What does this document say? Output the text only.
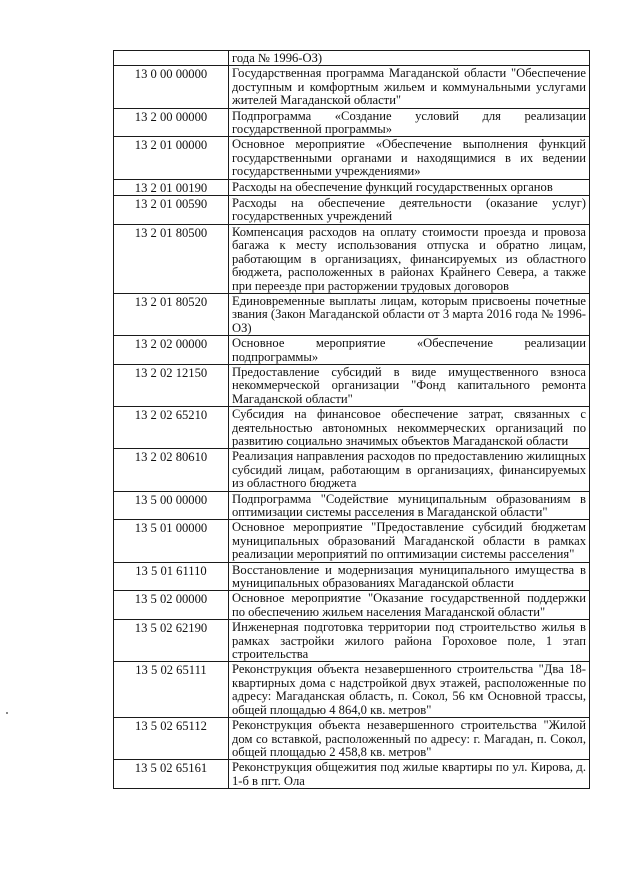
	года № 1996-ОЗ)

13 0 00 00000	Государственная программа Магаданской области "Обеспечение доступным и комфортным жильем и коммунальными услугами жителей Магаданской области"

13 2 00 00000	Подпрограмма «Создание условий для реализации государственной программы»

13 2 01 00000	Основное мероприятие «Обеспечение выполнения функций государственными органами и находящимися в их ведении государственными учреждениями»

13 2 01 00190	Расходы на обеспечение функций государственных органов

13 2 01 00590	Расходы на обеспечение деятельности (оказание услуг) государственных учреждений

13 2 01 80500	Компенсация расходов на оплату стоимости проезда и провоза багажа к месту использования отпуска и обратно лицам, работающим в организациях, финансируемых из областного бюджета, расположенных в районах Крайнего Севера, а также при переезде при расторжении трудовых договоров

13 2 01 80520	Единовременные выплаты лицам, которым присвоены почетные звания (Закон Магаданской области от 3 марта 2016 года № 1996-ОЗ)

13 2 02 00000	Основное мероприятие «Обеспечение реализации подпрограммы»

13 2 02 12150	Предоставление субсидий в виде имущественного взноса некоммерческой организации "Фонд капитального ремонта Магаданской области"

13 2 02 65210	Субсидия на финансовое обеспечение затрат, связанных с деятельностью автономных некоммерческих организаций по развитию социально значимых объектов Магаданской области

13 2 02 80610	Реализация направления расходов по предоставлению жилищных субсидий лицам, работающим в организациях, финансируемых из областного бюджета

13 5 00 00000	Подпрограмма "Содействие муниципальным образованиям в оптимизации системы расселения в Магаданской области"

13 5 01 00000	Основное мероприятие "Предоставление субсидий бюджетам муниципальных образований Магаданской области в рамках реализации мероприятий по оптимизации системы расселения"

13 5 01 61110	Восстановление и модернизация муниципального имущества в муниципальных образованиях Магаданской области

13 5 02 00000	Основное мероприятие "Оказание государственной поддержки по обеспечению жильем населения Магаданской области"

13 5 02 62190	Инженерная подготовка территории под строительство жилья в рамках застройки жилого района Гороховое поле, 1 этап строительства

13 5 02 65111	Реконструкция объекта незавершенного строительства "Два 18-квартирных дома с надстройкой двух этажей, расположенные по адресу: Магаданская область, п. Сокол, 56 км Основной трассы, общей площадью 4 864,0 кв. метров"

13 5 02 65112	Реконструкция объекта незавершенного строительства "Жилой дом со вставкой, расположенный по адресу: г. Магадан, п. Сокол, общей площадью 2 458,8 кв. метров"

13 5 02 65161	Реконструкция общежития под жилые квартиры по ул. Кирова, д. 1-б в пгт. Ола
